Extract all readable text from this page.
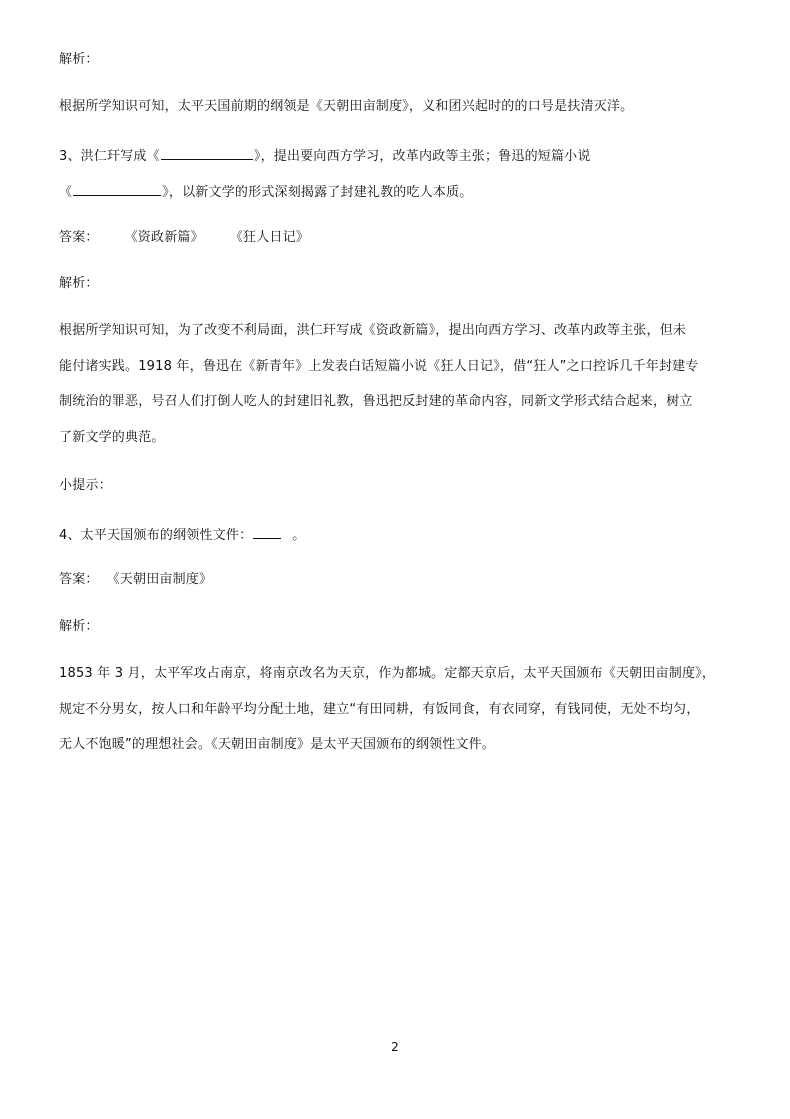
解析：
根据所学知识可知，太平天国前期的纲领是《天朝田亩制度》，义和团兴起时的的口号是扶清灭洋。
3、洪仁玕写成《	》，提出要向西方学习，改革内政等主张；鲁迅的短篇小说
《	》，以新文学的形式深刻揭露了封建礼教的吃人本质。
答案： 《资政新篇》 《狂人日记》
解析：
根据所学知识可知，为了改变不利局面，洪仁玕写成《资政新篇》，提出向西方学习、改革内政等主张，但未
能付诸实践。1918 年，鲁迅在《新青年》上发表白话短篇小说《狂人日记》，借“狂人”之口控诉几千年封建专
制统治的罪恶，号召人们打倒人吃人的封建旧礼教，鲁迅把反封建的革命内容，同新文学形式结合起来，树立
了新文学的典范。
小提示：
4、太平天国颁布的纲领性文件：	。
答案： 《天朝田亩制度》
解析：
1853 年 3 月，太平军攻占南京，将南京改名为天京，作为都城。定都天京后，太平天国颁布《天朝田亩制度》，
规定不分男女，按人口和年龄平均分配土地，建立“有田同耕，有饭同食，有衣同穿，有钱同使，无处不均匀，
无人不饱暖”的理想社会。《天朝田亩制度》是太平天国颁布的纲领性文件。
2
